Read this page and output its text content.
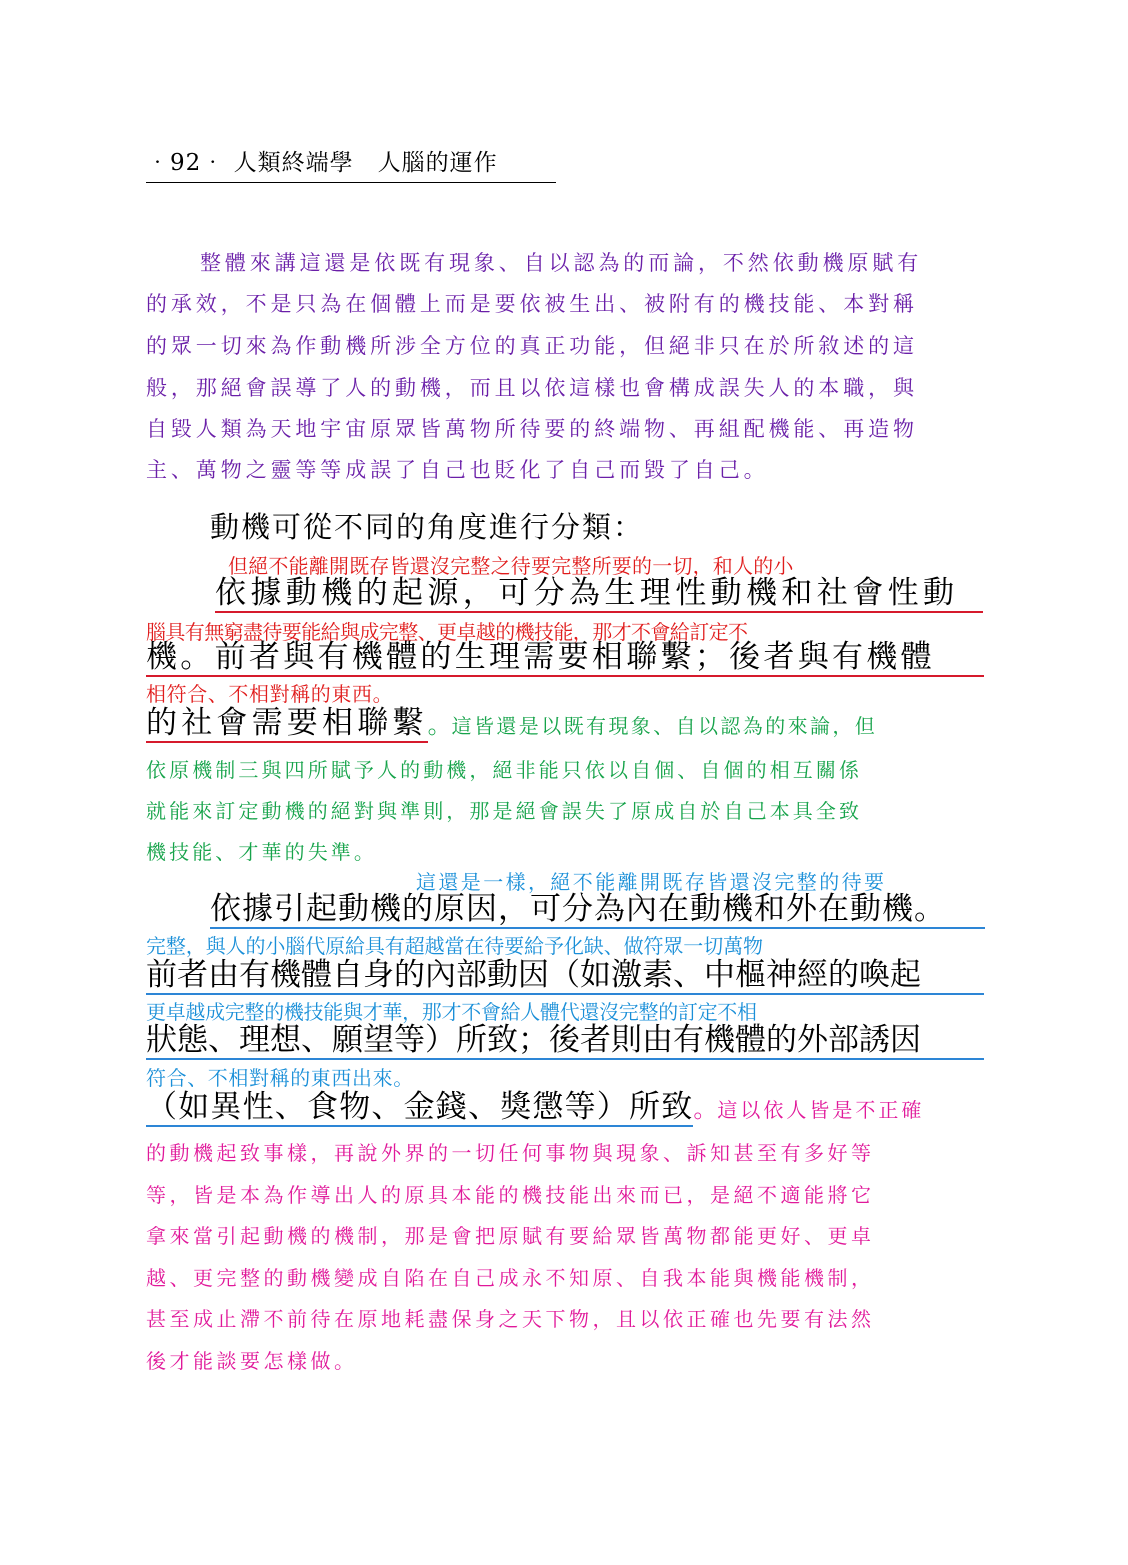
‧92‧ 人類終端學　人腦的運作
整體來講這還是依既有現象、自以認為的而論，不然依動機原賦有
的承效，不是只為在個體上而是要依被生出、被附有的機技能、本對稱
的眾一切來為作動機所涉全方位的真正功能，但絕非只在於所敘述的這
般，那絕會誤導了人的動機，而且以依這樣也會構成誤失人的本職，與
自毀人類為天地宇宙原眾皆萬物所待要的終端物、再組配機能、再造物
主、萬物之靈等等成誤了自己也貶化了自己而毀了自己。
動機可從不同的角度進行分類：
但絕不能離開既存皆還沒完整之待要完整所要的一切，和人的小
依據動機的起源，可分為生理性動機和社會性動
腦具有無窮盡待要能給與成完整、更卓越的機技能，那才不會給訂定不
機。前者與有機體的生理需要相聯繫；後者與有機體
相符合、不相對稱的東西。
的社會需要相聯繫。這皆還是以既有現象、自以認為的來論，但
依原機制三與四所賦予人的動機，絕非能只依以自個、自個的相互關係
就能來訂定動機的絕對與準則，那是絕會誤失了原成自於自己本具全致
機技能、才華的失準。
這還是一樣，絕不能離開既存皆還沒完整的待要
依據引起動機的原因，可分為內在動機和外在動機。
完整，與人的小腦代原給具有超越當在待要給予化缺、做符眾一切萬物
前者由有機體自身的內部動因（如激素、中樞神經的喚起
更卓越成完整的機技能與才華，那才不會給人體代還沒完整的訂定不相
狀態、理想、願望等）所致；後者則由有機體的外部誘因
符合、不相對稱的東西出來。
（如異性、食物、金錢、獎懲等）所致。這以依人皆是不正確
的動機起致事樣，再說外界的一切任何事物與現象、訴知甚至有多好等
等，皆是本為作導出人的原具本能的機技能出來而已，是絕不適能將它
拿來當引起動機的機制，那是會把原賦有要給眾皆萬物都能更好、更卓
越、更完整的動機變成自陷在自己成永不知原、自我本能與機能機制，
甚至成止滯不前待在原地耗盡保身之天下物，且以依正確也先要有法然
後才能談要怎樣做。
